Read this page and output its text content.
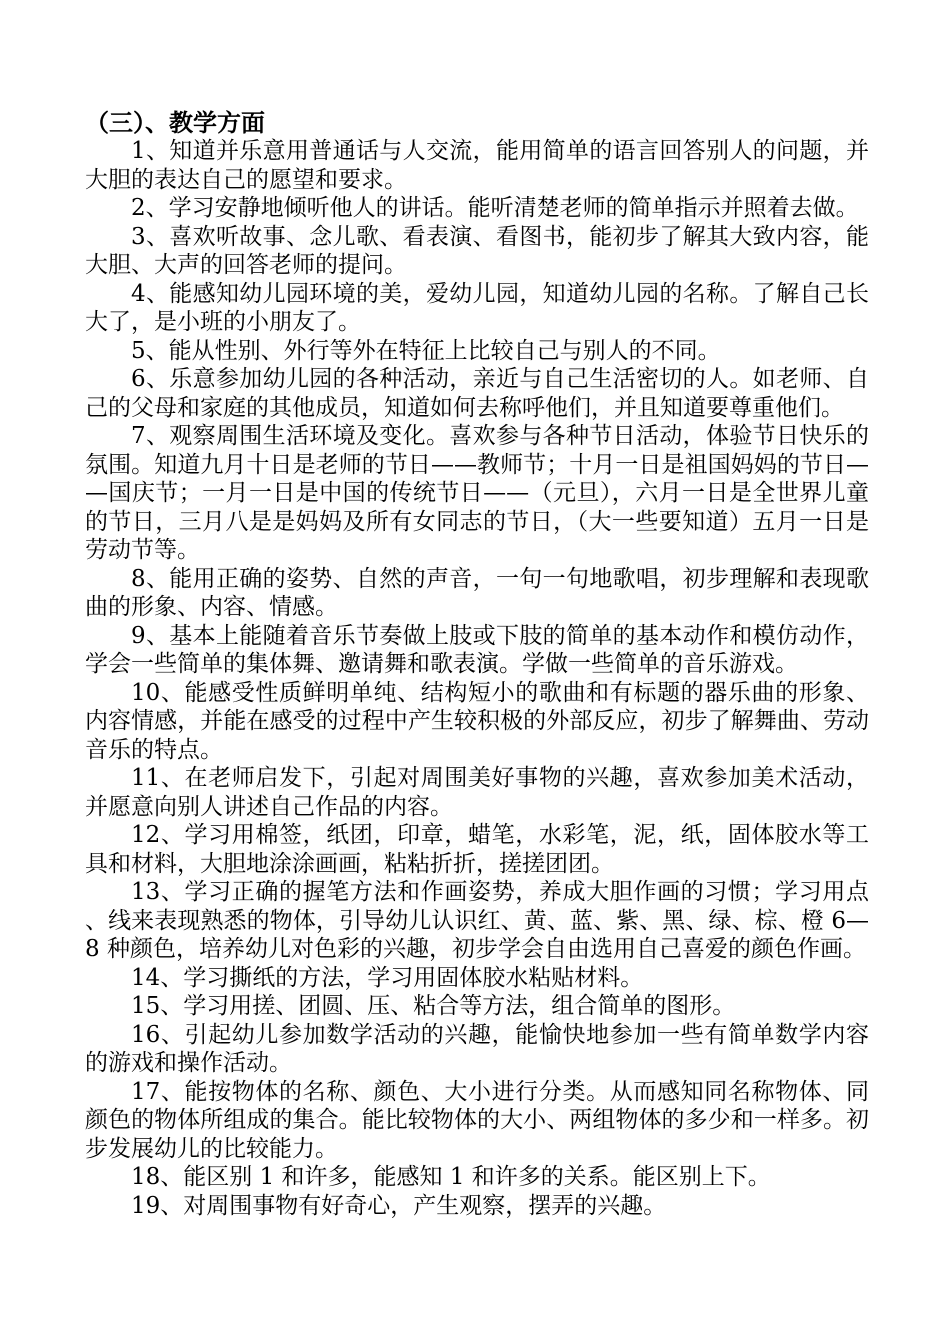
（三）、教学方面

1、知道并乐意用普通话与人交流，能用简单的语言回答别人的问题，并大胆的表达自己的愿望和要求。

2、学习安静地倾听他人的讲话。能听清楚老师的简单指示并照着去做。

3、喜欢听故事、念儿歌、看表演、看图书，能初步了解其大致内容，能大胆、大声的回答老师的提问。

4、能感知幼儿园环境的美，爱幼儿园，知道幼儿园的名称。了解自己长大了，是小班的小朋友了。

5、能从性别、外行等外在特征上比较自己与别人的不同。

6、乐意参加幼儿园的各种活动，亲近与自己生活密切的人。如老师、自己的父母和家庭的其他成员，知道如何去称呼他们，并且知道要尊重他们。

7、观察周围生活环境及变化。喜欢参与各种节日活动，体验节日快乐的氛围。知道九月十日是老师的节日——教师节；十月一日是祖国妈妈的节日——国庆节；一月一日是中国的传统节日——（元旦），六月一日是全世界儿童的节日，三月八是是妈妈及所有女同志的节日，（大一些要知道）五月一日是劳动节等。

8、能用正确的姿势、自然的声音，一句一句地歌唱，初步理解和表现歌曲的形象、内容、情感。

9、基本上能随着音乐节奏做上肢或下肢的简单的基本动作和模仿动作，学会一些简单的集体舞、邀请舞和歌表演。学做一些简单的音乐游戏。

10、能感受性质鲜明单纯、结构短小的歌曲和有标题的器乐曲的形象、内容情感，并能在感受的过程中产生较积极的外部反应，初步了解舞曲、劳动音乐的特点。

11、在老师启发下，引起对周围美好事物的兴趣，喜欢参加美术活动，并愿意向别人讲述自己作品的内容。

12、学习用棉签，纸团，印章，蜡笔，水彩笔，泥，纸，固体胶水等工具和材料，大胆地涂涂画画，粘粘折折，搓搓团团。

13、学习正确的握笔方法和作画姿势，养成大胆作画的习惯；学习用点、线来表现熟悉的物体，引导幼儿认识红、黄、蓝、紫、黑、绿、棕、橙 6—8 种颜色，培养幼儿对色彩的兴趣，初步学会自由选用自己喜爱的颜色作画。

14、学习撕纸的方法，学习用固体胶水粘贴材料。

15、学习用搓、团圆、压、粘合等方法，组合简单的图形。

16、引起幼儿参加数学活动的兴趣，能愉快地参加一些有简单数学内容的游戏和操作活动。

17、能按物体的名称、颜色、大小进行分类。从而感知同名称物体、同颜色的物体所组成的集合。能比较物体的大小、两组物体的多少和一样多。初步发展幼儿的比较能力。

18、能区别 1 和许多，能感知 1 和许多的关系。能区别上下。

19、对周围事物有好奇心，产生观察，摆弄的兴趣。
